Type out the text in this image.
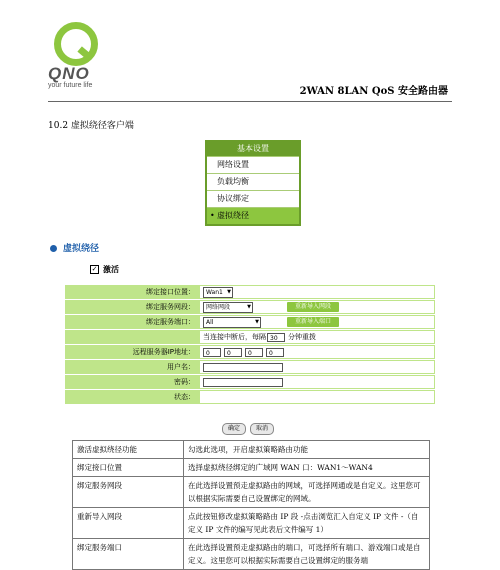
QNO
your future life
2WAN 8LAN QoS 安全路由器
10.2 虚拟绕径客户端
基本设置
网络设置
负载均衡
协议绑定
• 虚拟绕径
虚拟绕径
✓ 激活
绑定接口位置：	Wan1 ▼
绑定服务网段：	网络网段 ▼	重新导入网段
绑定服务端口：	All ▼	重新导入端口
当连接中断后，每隔 30	分钟重拨
远程服务器IP地址：	0	0	0	0
用户名：
密码：
状态：
确定	取消
激活虚拟绕径功能	勾选此选项，开启虚拟策略路由功能
绑定接口位置	选择虚拟绕径绑定的广域网 WAN 口：WAN1～WAN4
绑定服务网段	在此选择设置预走虚拟路由的网域，可选择网通或是自定义。这里您可以根据实际需要自己设置绑定的网域。
重新导入网段	点此按钮修改虚拟策略路由 IP 段 -点击浏览汇入自定义 IP 文件 -（自定义 IP 文件的编写见此表后文件编写 1）
绑定服务端口	在此选择设置预走虚拟路由的端口，可选择所有端口、游戏端口或是自定义。这里您可以根据实际需要自己设置绑定的服务端
